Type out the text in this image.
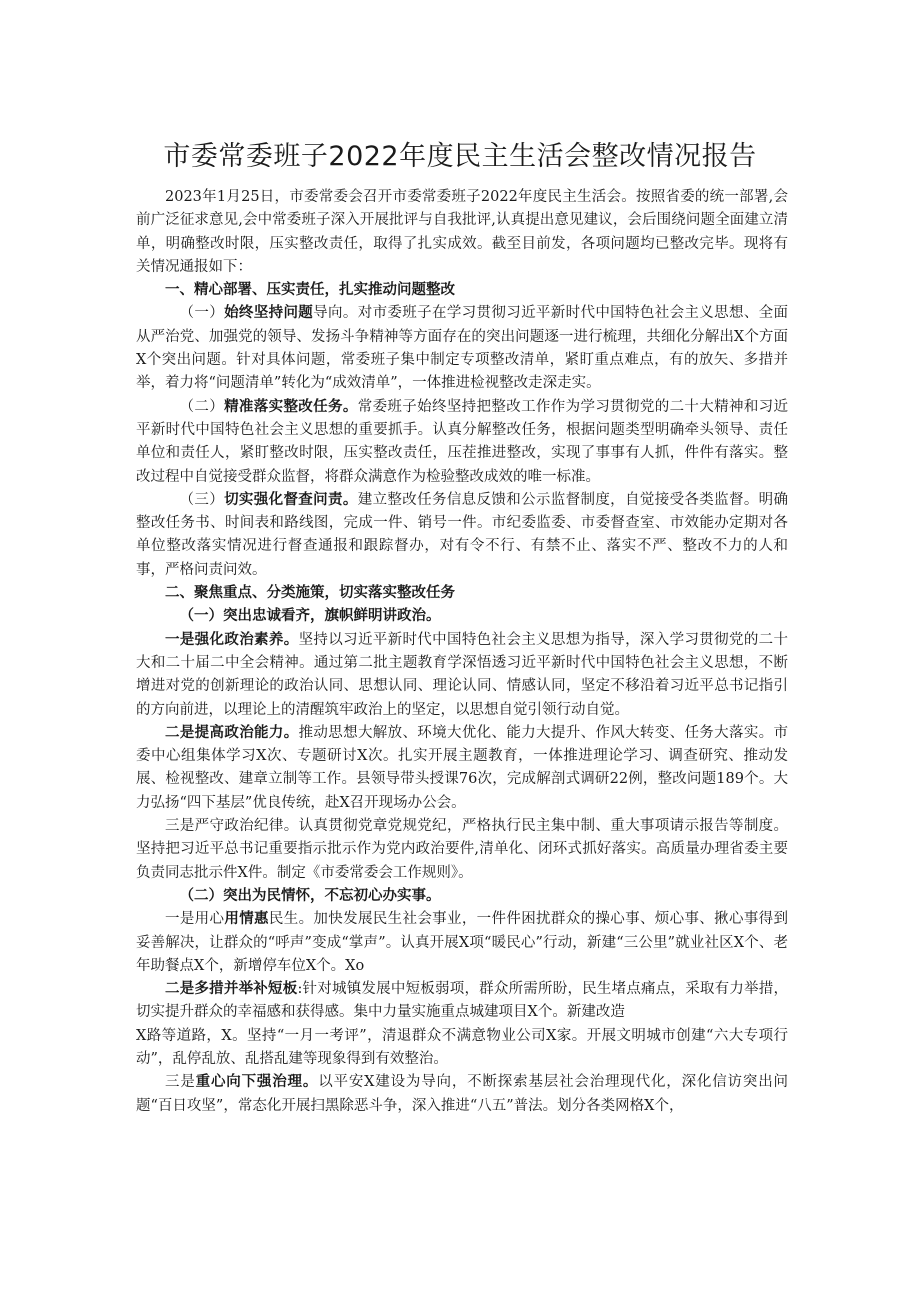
市委常委班子2022年度民主生活会整改情况报告

2023年1月25日，市委常委会召开市委常委班子2022年度民主生活会。按照省委的统一部署,会前广泛征求意见,会中常委班子深入开展批评与自我批评,认真提出意见建议，会后围绕问题全面建立清单，明确整改时限，压实整改责任，取得了扎实成效。截至目前发，各项问题均已整改完毕。现将有关情况通报如下：

一、精心部署、压实责任，扎实推动问题整改

（一）始终坚持问题导向。对市委班子在学习贯彻习近平新时代中国特色社会主义思想、全面从严治党、加强党的领导、发扬斗争精神等方面存在的突出问题逐一进行梳理，共细化分解出X个方面X个突出问题。针对具体问题，常委班子集中制定专项整改清单，紧盯重点难点，有的放矢、多措并举，着力将“问题清单”转化为“成效清单”，一体推进检视整改走深走实。

（二）精准落实整改任务。常委班子始终坚持把整改工作作为学习贯彻党的二十大精神和习近平新时代中国特色社会主义思想的重要抓手。认真分解整改任务，根据问题类型明确牵头领导、责任单位和责任人，紧盯整改时限，压实整改责任，压茬推进整改，实现了事事有人抓，件件有落实。整改过程中自觉接受群众监督，将群众满意作为检验整改成效的唯一标准。

（三）切实强化督查问责。建立整改任务信息反馈和公示监督制度，自觉接受各类监督。明确整改任务书、时间表和路线图，完成一件、销号一件。市纪委监委、市委督查室、市效能办定期对各单位整改落实情况进行督查通报和跟踪督办，对有令不行、有禁不止、落实不严、整改不力的人和事，严格问责问效。

二、聚焦重点、分类施策，切实落实整改任务

（一）突出忠诚看齐，旗帜鲜明讲政治。

一是强化政治素养。坚持以习近平新时代中国特色社会主义思想为指导，深入学习贯彻党的二十大和二十届二中全会精神。通过第二批主题教育学深悟透习近平新时代中国特色社会主义思想，不断增进对党的创新理论的政治认同、思想认同、理论认同、情感认同，坚定不移沿着习近平总书记指引的方向前进，以理论上的清醒筑牢政治上的坚定，以思想自觉引领行动自觉。

二是提高政治能力。推动思想大解放、环境大优化、能力大提升、作风大转变、任务大落实。市委中心组集体学习X次、专题研讨X次。扎实开展主题教育，一体推进理论学习、调查研究、推动发展、检视整改、建章立制等工作。县领导带头授课76次，完成解剖式调研22例，整改问题189个。大力弘扬“四下基层”优良传统，赴X召开现场办公会。

三是严守政治纪律。认真贯彻党章党规党纪，严格执行民主集中制、重大事项请示报告等制度。坚持把习近平总书记重要指示批示作为党内政治要件,清单化、闭环式抓好落实。高质量办理省委主要负责同志批示件X件。制定《市委常委会工作规则》。

（二）突出为民情怀，不忘初心办实事。

一是用心用情惠民生。加快发展民生社会事业，一件件困扰群众的操心事、烦心事、揪心事得到妥善解决，让群众的“呼声”变成“掌声”。认真开展X项“暖民心”行动，新建“三公里”就业社区X个、老年助餐点X个，新增停车位X个。Xo

二是多措并举补短板:针对城镇发展中短板弱项，群众所需所盼，民生堵点痛点，采取有力举措，切实提升群众的幸福感和获得感。集中力量实施重点城建项目X个。新建改造

X路等道路，X。坚持“一月一考评”，清退群众不满意物业公司X家。开展文明城市创建“六大专项行动”，乱停乱放、乱搭乱建等现象得到有效整治。

三是重心向下强治理。以平安X建设为导向，不断探索基层社会治理现代化，深化信访突出问题“百日攻坚”，常态化开展扫黑除恶斗争，深入推进“八五”普法。划分各类网格X个，
